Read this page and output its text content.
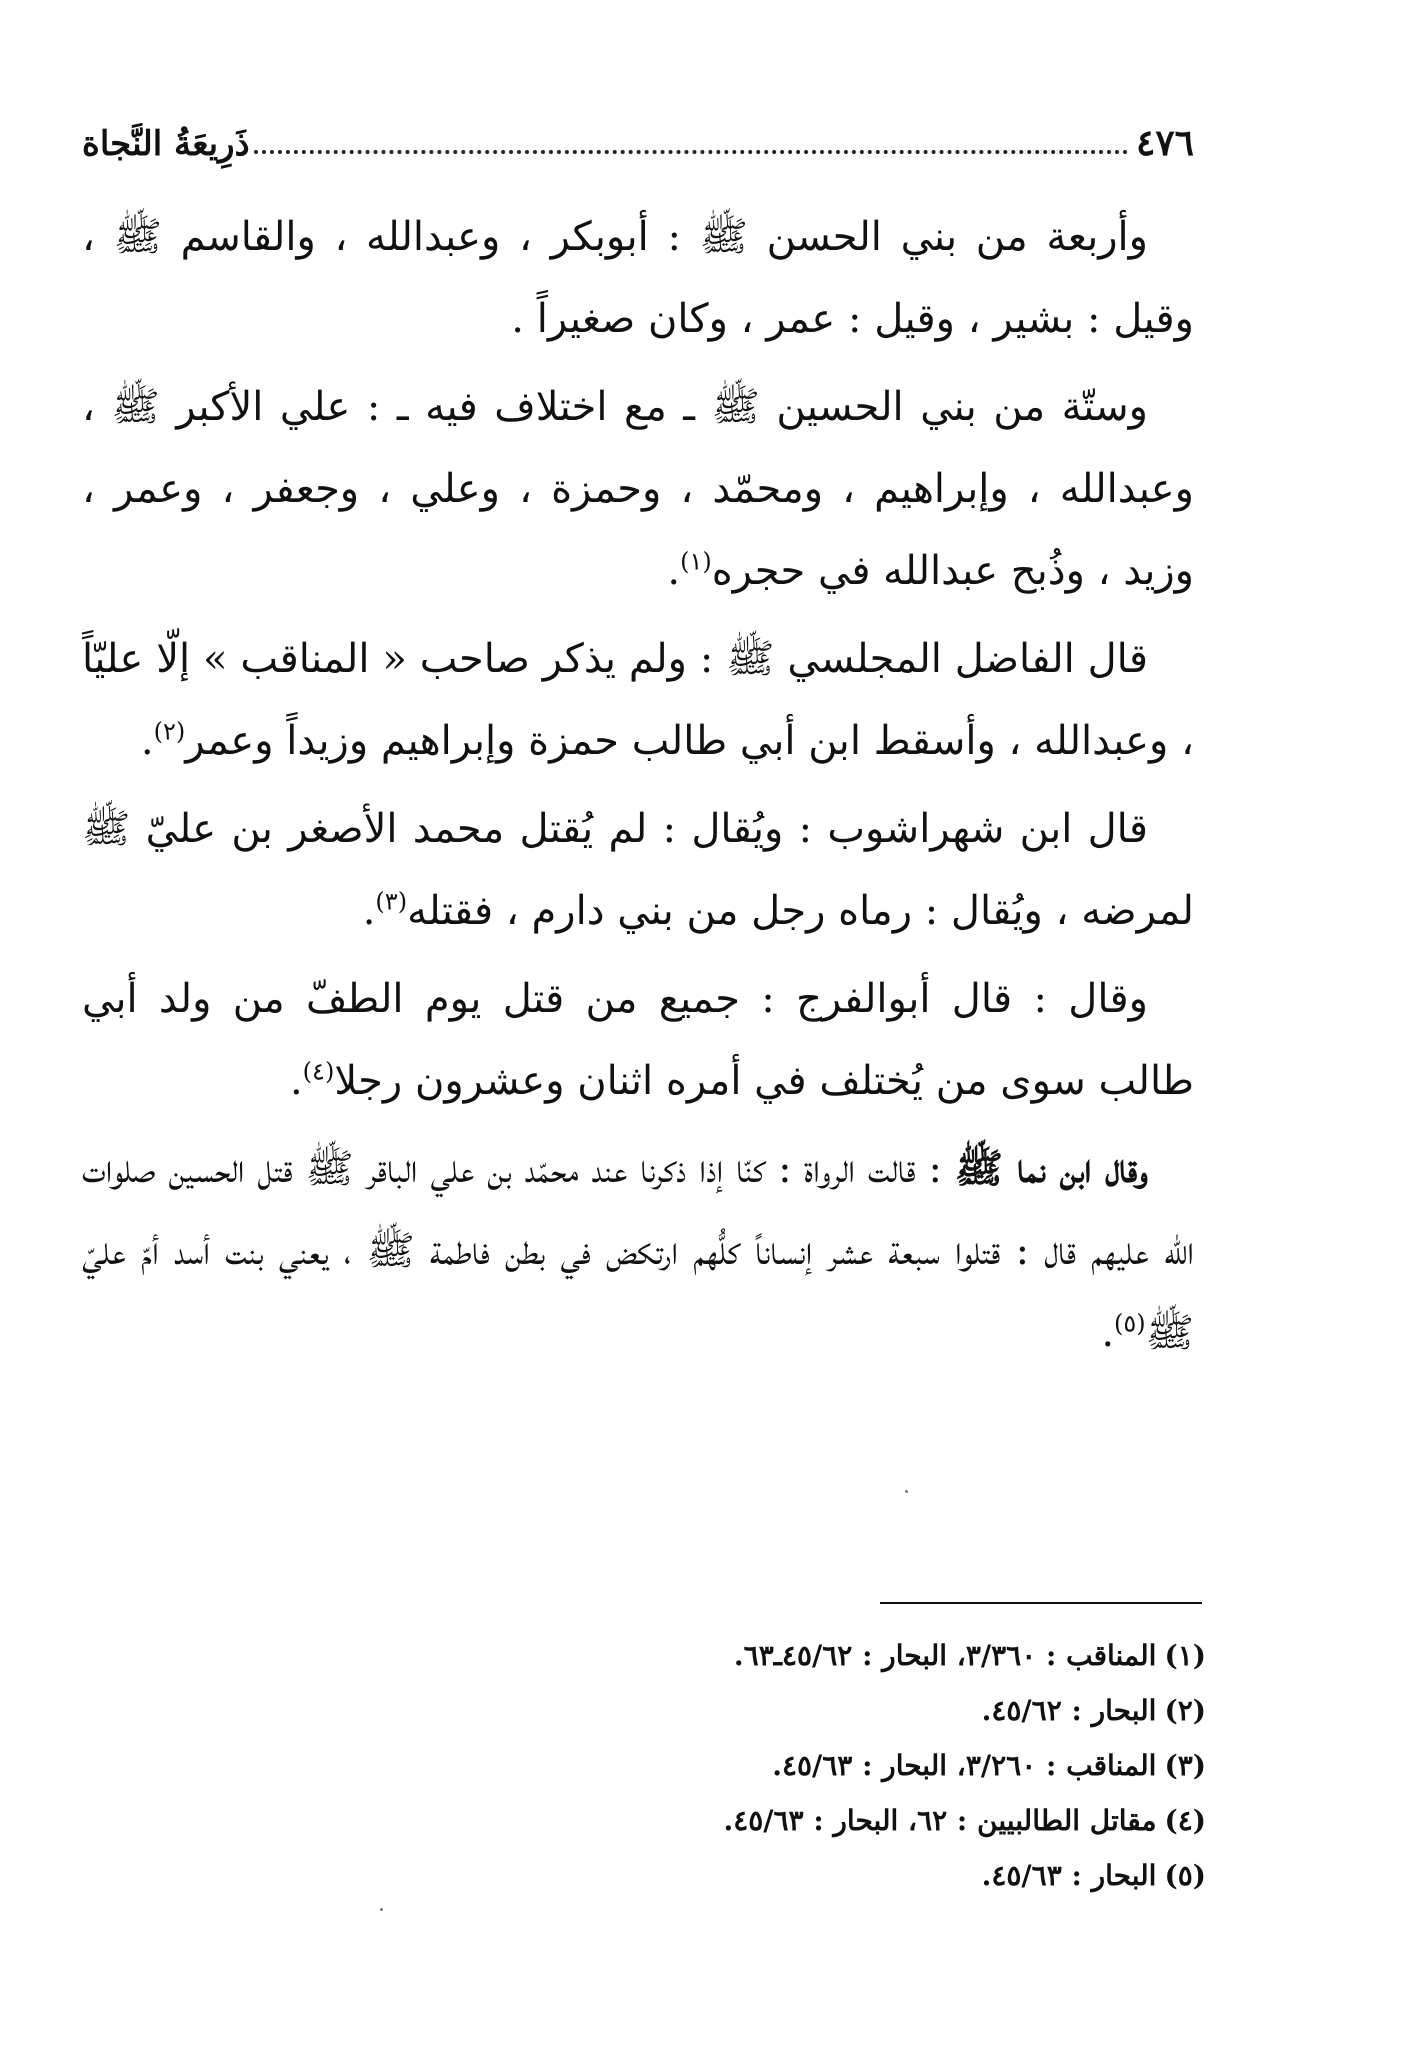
٤٧٦
ذَرِيعَةُ النَّجاة

وأربعة من بني الحسن ﷺ : أبوبكر ، وعبدالله ، والقاسم ﷺ ، وقيل : بشير ، وقيل : عمر ، وكان صغيراً .

وستّة من بني الحسين ﷺ ـ مع اختلاف فيه ـ : علي الأكبر ﷺ ، وعبدالله ، وإبراهيم ، ومحمّد ، وحمزة ، وعلي ، وجعفر ، وعمر ، وزيد ، وذُبح عبدالله في حجره$^{(١)}$.

قال الفاضل المجلسي ﷺ : ولم يذكر صاحب « المناقب » إلّا عليّاً ، وعبدالله ، وأسقط ابن أبي طالب حمزة وإبراهيم وزيداً وعمر$^{(٢)}$.

قال ابن شهراشوب : ويُقال : لم يُقتل محمد الأصغر بن عليّ ﷺ لمرضه ، ويُقال : رماه رجل من بني دارم ، فقتله$^{(٣)}$.

وقال : قال أبوالفرج : جميع من قتل يوم الطفّ من ولد أبي طالب سوى من يُختلف في أمره اثنان وعشرون رجلا$^{(٤)}$.

وقال ابن نما ﷺ : قالت الرواة : كنّا إذا ذكرنا عند محمّد بن علي الباقر ﷺ قتل الحسين صلوات الله عليهم قال : قتلوا سبعة عشر إنساناً كلُّهم ارتكض في بطن فاطمة ﷺ ، يعني بنت أسد أمّ عليّ ﷺ$^{(٥)}$.

(١)المناقب : ٣/٣٦٠، البحار : ٤٥/٦٢ـ٦٣.
(٢)البحار : ٤٥/٦٢.
(٣)المناقب : ٣/٢٦٠، البحار : ٤٥/٦٣.
(٤)مقاتل الطالبيين : ٦٢، البحار : ٤٥/٦٣.
(٥)البحار : ٤٥/٦٣.
